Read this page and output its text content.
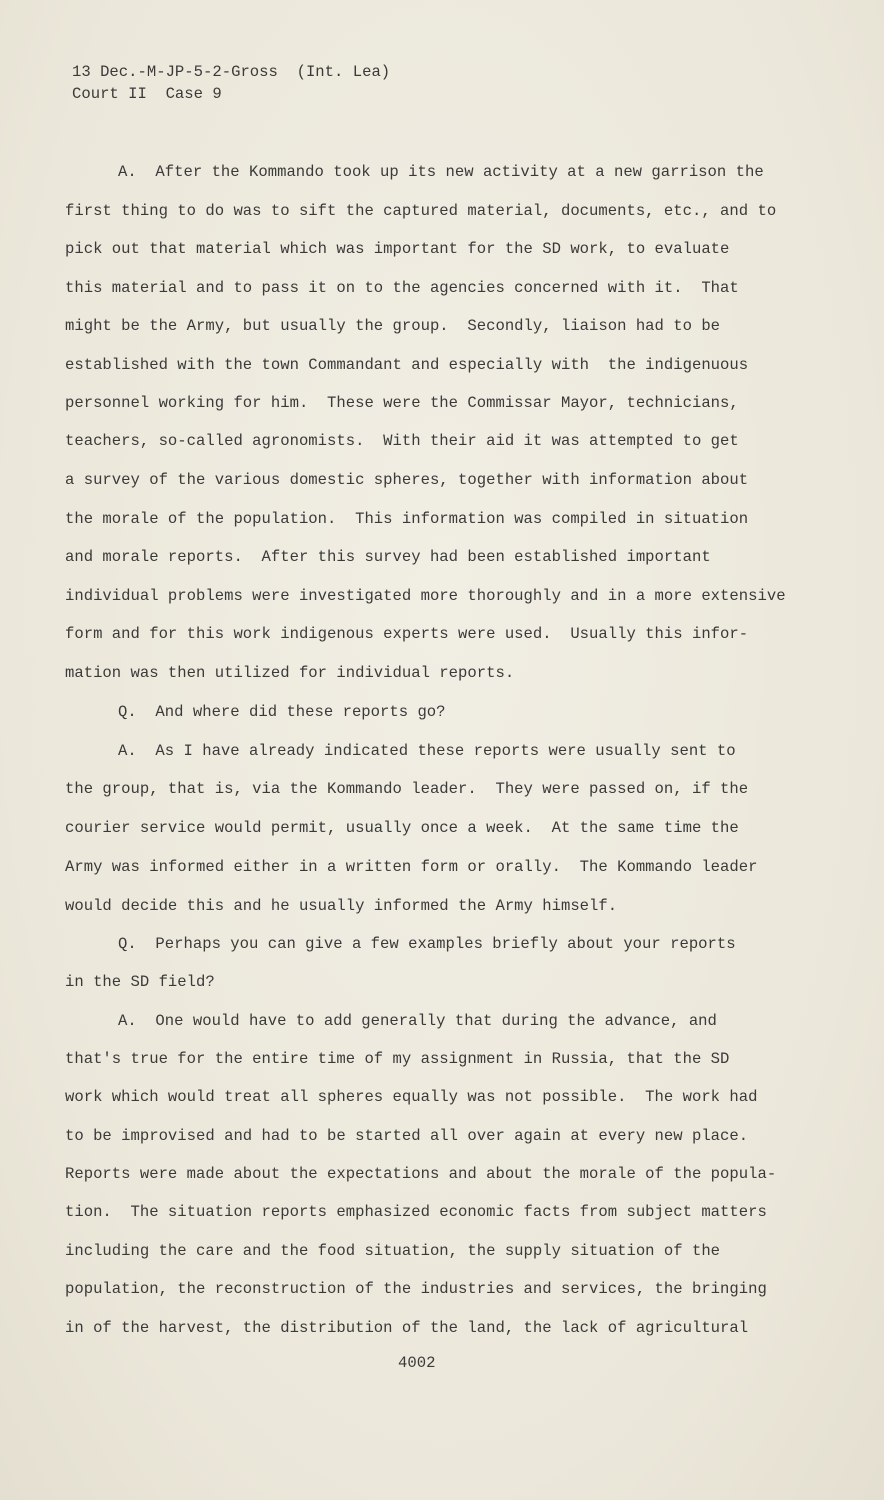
13 Dec.-M-JP-5-2-Gross  (Int. Lea)
Court II  Case 9
A.  After the Kommando took up its new activity at a new garrison the
first thing to do was to sift the captured material, documents, etc., and to
pick out that material which was important for the SD work, to evaluate
this material and to pass it on to the agencies concerned with it.  That
might be the Army, but usually the group.  Secondly, liaison had to be
established with the town Commandant and especially with  the indigenuous
personnel working for him.  These were the Commissar Mayor, technicians,
teachers, so-called agronomists.  With their aid it was attempted to get
a survey of the various domestic spheres, together with information about
the morale of the population.  This information was compiled in situation
and morale reports.  After this survey had been established important
individual problems were investigated more thoroughly and in a more extensive
form and for this work indigenous experts were used.  Usually this infor-
mation was then utilized for individual reports.
Q.  And where did these reports go?
A.  As I have already indicated these reports were usually sent to
the group, that is, via the Kommando leader.  They were passed on, if the
courier service would permit, usually once a week.  At the same time the
Army was informed either in a written form or orally.  The Kommando leader
would decide this and he usually informed the Army himself.
Q.  Perhaps you can give a few examples briefly about your reports
in the SD field?
A.  One would have to add generally that during the advance, and
that's true for the entire time of my assignment in Russia, that the SD
work which would treat all spheres equally was not possible.  The work had
to be improvised and had to be started all over again at every new place.
Reports were made about the expectations and about the morale of the popula-
tion.  The situation reports emphasized economic facts from subject matters
including the care and the food situation, the supply situation of the
population, the reconstruction of the industries and services, the bringing
in of the harvest, the distribution of the land, the lack of agricultural
4002
